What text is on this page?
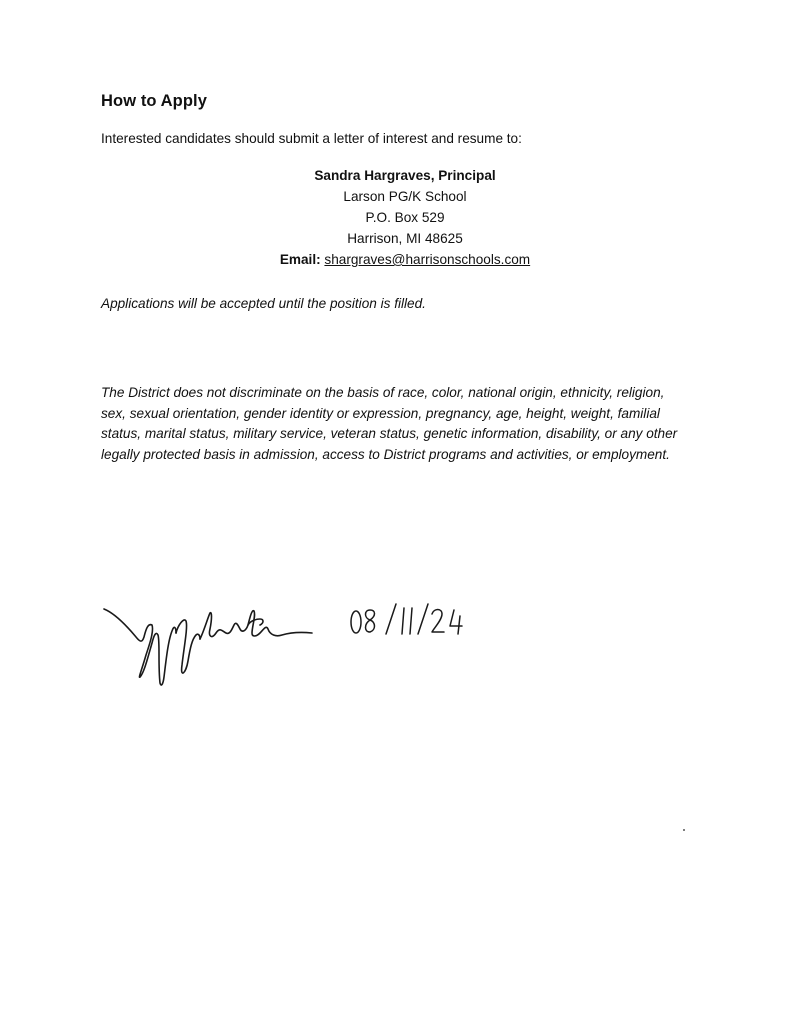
How to Apply

Interested candidates should submit a letter of interest and resume to:

Sandra Hargraves, Principal
Larson PG/K School
P.O. Box 529
Harrison, MI 48625
Email: shargraves@harrisonschools.com

Applications will be accepted until the position is filled.

The District does not discriminate on the basis of race, color, national origin, ethnicity, religion,
sex, sexual orientation, gender identity or expression, pregnancy, age, height, weight, familial
status, marital status, military service, veteran status, genetic information, disability, or any other
legally protected basis in admission, access to District programs and activities, or employment.
